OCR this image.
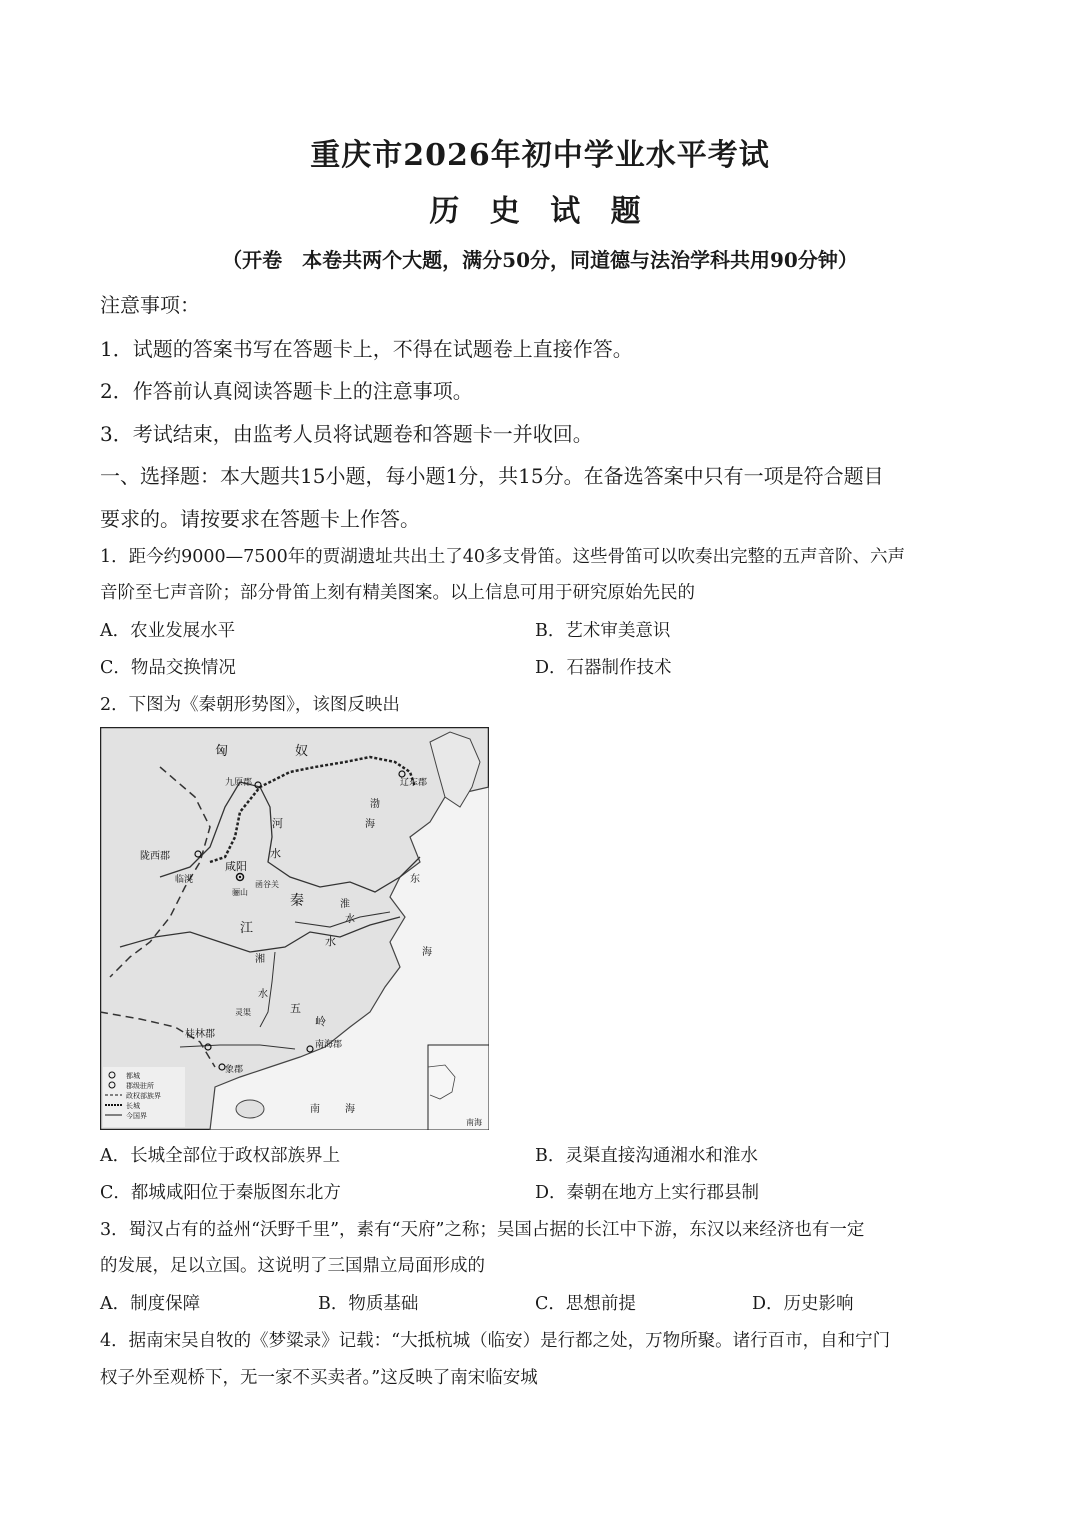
重庆市2026年初中学业水平考试
历 史 试 题
（开卷　本卷共两个大题，满分50分，同道德与法治学科共用90分钟）
注意事项：
1．试题的答案书写在答题卡上，不得在试题卷上直接作答。
2．作答前认真阅读答题卡上的注意事项。
3．考试结束，由监考人员将试题卷和答题卡一并收回。
一、选择题：本大题共15小题，每小题1分，共15分。在备选答案中只有一项是符合题目
要求的。请按要求在答题卡上作答。
1．距今约9000—7500年的贾湖遗址共出土了40多支骨笛。这些骨笛可以吹奏出完整的五声音阶、六声
音阶至七声音阶；部分骨笛上刻有精美图案。以上信息可用于研究原始先民的
A．农业发展水平	B．艺术审美意识
C．物品交换情况	D．石器制作技术
2．下图为《秦朝形势图》，该图反映出
匈	奴
辽东郡
九原郡
陇西郡
咸阳
临洮	函谷关
骊山
河
水
秦	淮
水
渤
海
东
海
江
水
湘
水
五
岭
灵渠
桂林郡
南海郡
象郡
南	海
南海
都城
郡级驻所
政权部族界
长城
今国界
A．长城全部位于政权部族界上	B．灵渠直接沟通湘水和淮水
C．都城咸阳位于秦版图东北方	D．秦朝在地方上实行郡县制
3．蜀汉占有的益州“沃野千里”，素有“天府”之称；吴国占据的长江中下游，东汉以来经济也有一定
的发展，足以立国。这说明了三国鼎立局面形成的
A．制度保障	B．物质基础	C．思想前提	D．历史影响
4．据南宋吴自牧的《梦粱录》记载：“大抵杭城（临安）是行都之处，万物所聚。诸行百市，自和宁门
杈子外至观桥下，无一家不买卖者。”这反映了南宋临安城
